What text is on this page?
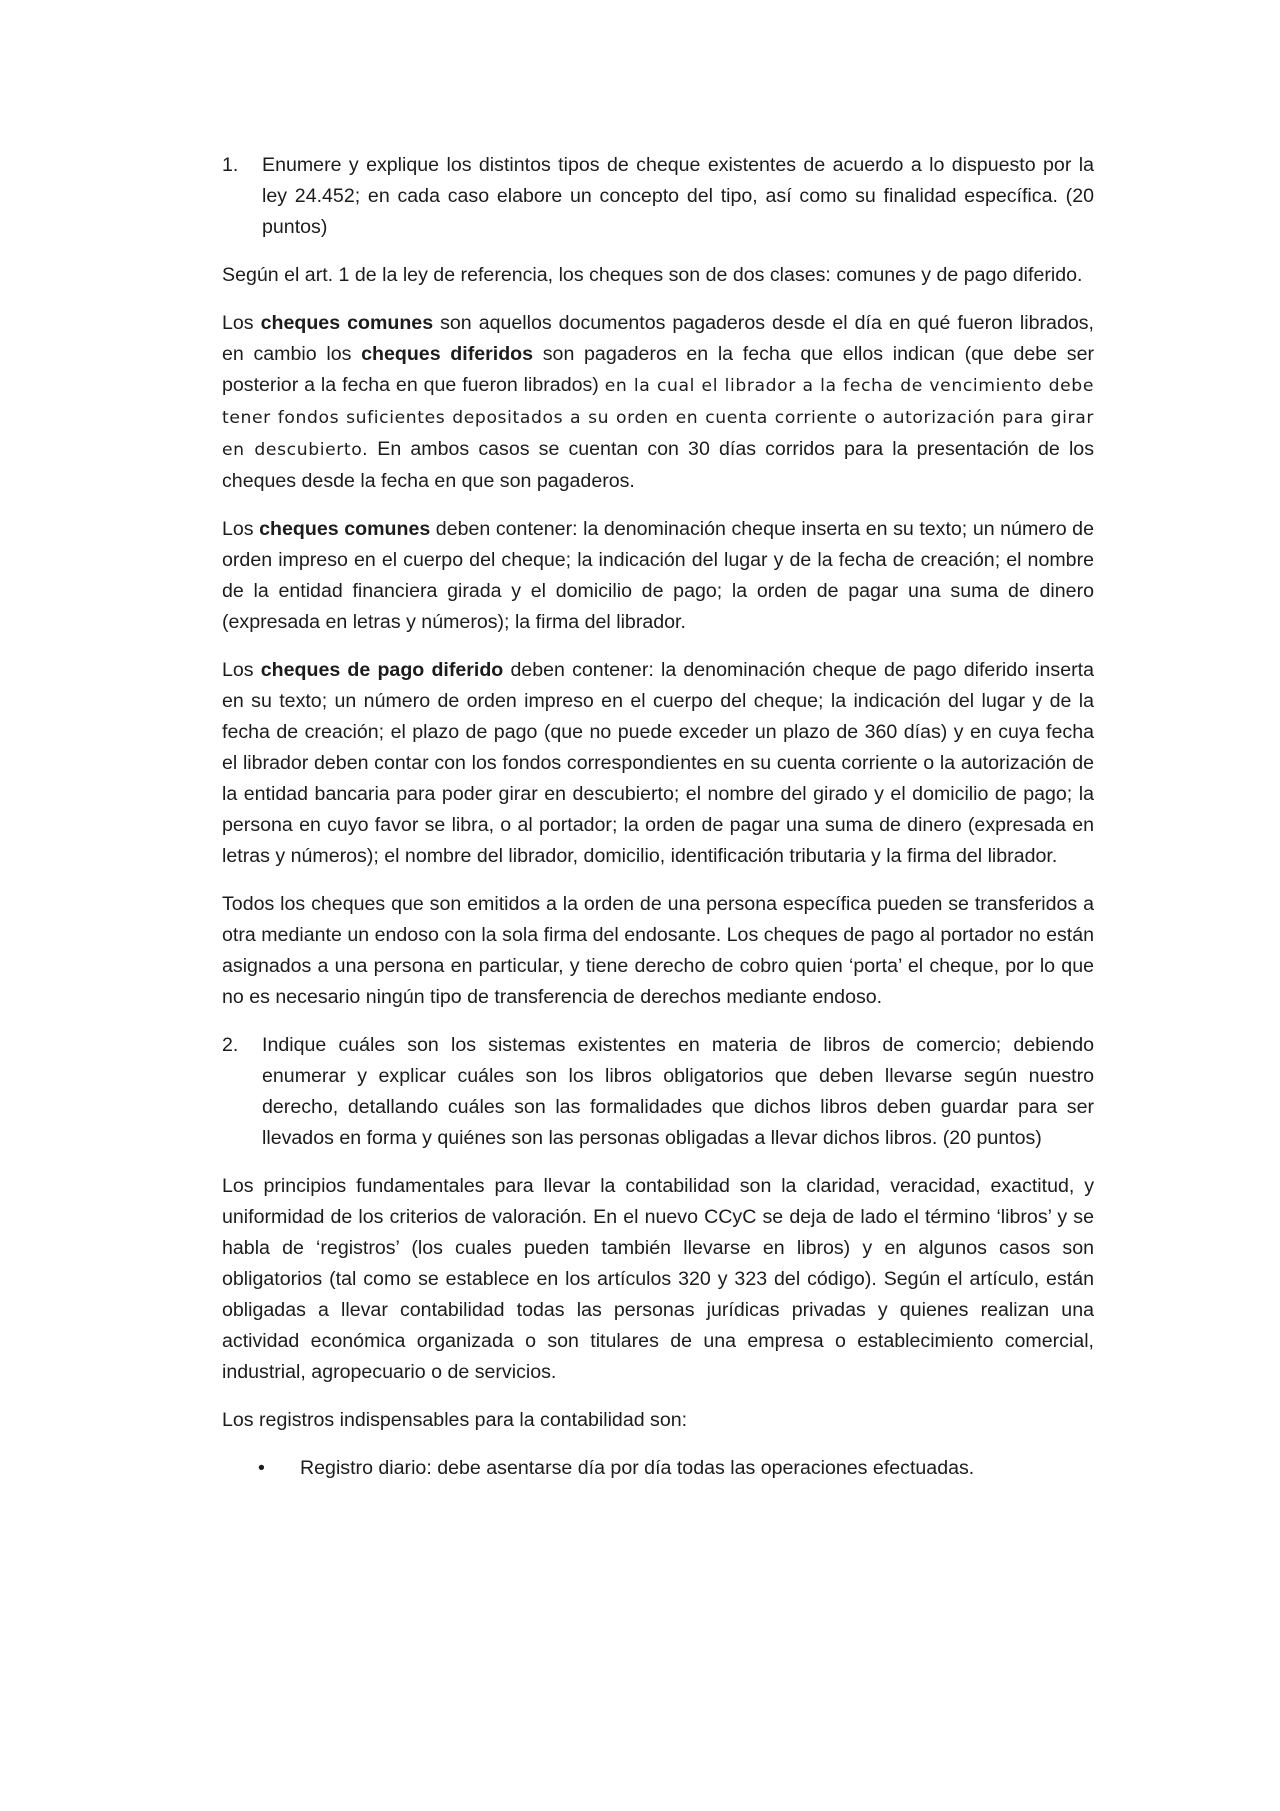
1.	Enumere y explique los distintos tipos de cheque existentes de acuerdo a lo dispuesto por la ley 24.452; en cada caso elabore un concepto del tipo, así como su finalidad específica. (20 puntos)

Según el art. 1 de la ley de referencia, los cheques son de dos clases: comunes y de pago diferido.

Los cheques comunes son aquellos documentos pagaderos desde el día en qué fueron librados, en cambio los cheques diferidos son pagaderos en la fecha que ellos indican (que debe ser posterior a la fecha en que fueron librados) en la cual el librador a la fecha de vencimiento debe tener fondos suficientes depositados a su orden en cuenta corriente o autorización para girar en descubierto. En ambos casos se cuentan con 30 días corridos para la presentación de los cheques desde la fecha en que son pagaderos.

Los cheques comunes deben contener: la denominación cheque inserta en su texto; un número de orden impreso en el cuerpo del cheque; la indicación del lugar y de la fecha de creación; el nombre de la entidad financiera girada y el domicilio de pago; la orden de pagar una suma de dinero (expresada en letras y números); la firma del librador.

Los cheques de pago diferido deben contener: la denominación cheque de pago diferido inserta en su texto; un número de orden impreso en el cuerpo del cheque; la indicación del lugar y de la fecha de creación; el plazo de pago (que no puede exceder un plazo de 360 días) y en cuya fecha el librador deben contar con los fondos correspondientes en su cuenta corriente o la autorización de la entidad bancaria para poder girar en descubierto; el nombre del girado y el domicilio de pago; la persona en cuyo favor se libra, o al portador; la orden de pagar una suma de dinero (expresada en letras y números); el nombre del librador, domicilio, identificación tributaria y la firma del librador.

Todos los cheques que son emitidos a la orden de una persona específica pueden se transferidos a otra mediante un endoso con la sola firma del endosante. Los cheques de pago al portador no están asignados a una persona en particular, y tiene derecho de cobro quien ‘porta’ el cheque, por lo que no es necesario ningún tipo de transferencia de derechos mediante endoso.

2.	Indique cuáles son los sistemas existentes en materia de libros de comercio; debiendo enumerar y explicar cuáles son los libros obligatorios que deben llevarse según nuestro derecho, detallando cuáles son las formalidades que dichos libros deben guardar para ser llevados en forma y quiénes son las personas obligadas a llevar dichos libros. (20 puntos)

Los principios fundamentales para llevar la contabilidad son la claridad, veracidad, exactitud, y uniformidad de los criterios de valoración. En el nuevo CCyC se deja de lado el término ‘libros’ y se habla de ‘registros’ (los cuales pueden también llevarse en libros) y en algunos casos son obligatorios (tal como se establece en los artículos 320 y 323 del código). Según el artículo, están obligadas a llevar contabilidad todas las personas jurídicas privadas y quienes realizan una actividad económica organizada o son titulares de una empresa o establecimiento comercial, industrial, agropecuario o de servicios.

Los registros indispensables para la contabilidad son:

•	Registro diario: debe asentarse día por día todas las operaciones efectuadas.
